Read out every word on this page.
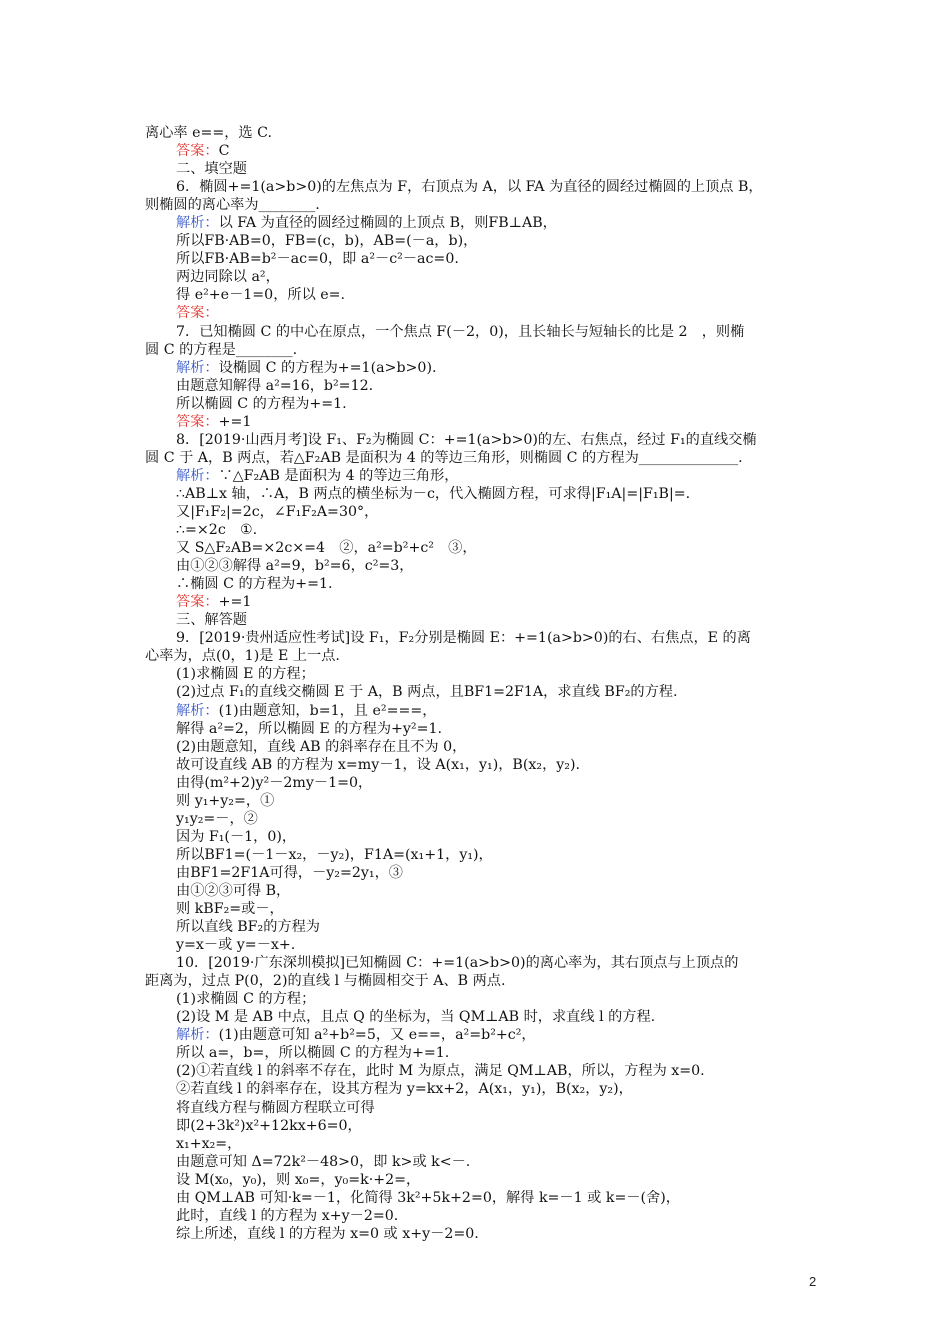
离心率 e==，选 C.
答案：C
二、填空题
6．椭圆+=1(a>b>0)的左焦点为 F，右顶点为 A，以 FA 为直径的圆经过椭圆的上顶点 B，
则椭圆的离心率为________.
解析：以 FA 为直径的圆经过椭圆的上顶点 B，则FB⊥AB，
所以FB·AB=0，FB=(c，b)，AB=(－a，b)，
所以FB·AB=b²－ac=0，即 a²－c²－ac=0.
两边同除以 a²，
得 e²+e－1=0，所以 e=.
答案：
7．已知椭圆 C 的中心在原点，一个焦点 F(－2，0)，且长轴长与短轴长的比是 2　，则椭
圆 C 的方程是________.
解析：设椭圆 C 的方程为+=1(a>b>0).
由题意知解得 a²=16，b²=12.
所以椭圆 C 的方程为+=1.
答案：+=1
8．[2019·山西月考]设 F₁、F₂为椭圆 C：+=1(a>b>0)的左、右焦点，经过 F₁的直线交椭
圆 C 于 A，B 两点，若△F₂AB 是面积为 4 的等边三角形，则椭圆 C 的方程为______________.
解析：∵△F₂AB 是面积为 4 的等边三角形，
∴AB⊥x 轴，∴A，B 两点的横坐标为－c，代入椭圆方程，可求得|F₁A|=|F₁B|=.
又|F₁F₂|=2c，∠F₁F₂A=30°，
∴=×2c　①.
又 S△F₂AB=×2c×=4　②，a²=b²+c²　③，
由①②③解得 a²=9，b²=6，c²=3，
∴椭圆 C 的方程为+=1.
答案：+=1
三、解答题
9．[2019·贵州适应性考试]设 F₁，F₂分别是椭圆 E：+=1(a>b>0)的右、右焦点，E 的离
心率为，点(0，1)是 E 上一点.
(1)求椭圆 E 的方程；
(2)过点 F₁的直线交椭圆 E 于 A，B 两点，且BF1=2F1A，求直线 BF₂的方程.
解析：(1)由题意知，b=1，且 e²===，
解得 a²=2，所以椭圆 E 的方程为+y²=1.
(2)由题意知，直线 AB 的斜率存在且不为 0，
故可设直线 AB 的方程为 x=my－1，设 A(x₁，y₁)，B(x₂，y₂).
由得(m²+2)y²－2my－1=0，
则 y₁+y₂=，①
y₁y₂=－，②
因为 F₁(－1，0)，
所以BF1=(－1－x₂，－y₂)，F1A=(x₁+1，y₁)，
由BF1=2F1A可得，－y₂=2y₁，③
由①②③可得 B，
则 kBF₂=或－，
所以直线 BF₂的方程为
y=x－或 y=－x+.
10．[2019·广东深圳模拟]已知椭圆 C：+=1(a>b>0)的离心率为，其右顶点与上顶点的
距离为，过点 P(0，2)的直线 l 与椭圆相交于 A、B 两点.
(1)求椭圆 C 的方程；
(2)设 M 是 AB 中点，且点 Q 的坐标为，当 QM⊥AB 时，求直线 l 的方程.
解析：(1)由题意可知 a²+b²=5，又 e==，a²=b²+c²，
所以 a=，b=，所以椭圆 C 的方程为+=1.
(2)①若直线 l 的斜率不存在，此时 M 为原点，满足 QM⊥AB，所以，方程为 x=0.
②若直线 l 的斜率存在，设其方程为 y=kx+2，A(x₁，y₁)，B(x₂，y₂)，
将直线方程与椭圆方程联立可得
即(2+3k²)x²+12kx+6=0，
x₁+x₂=，
由题意可知 Δ=72k²－48>0，即 k>或 k<－.
设 M(x₀，y₀)，则 x₀=，y₀=k·+2=，
由 QM⊥AB 可知·k=－1，化简得 3k²+5k+2=0，解得 k=－1 或 k=－(舍)，
此时，直线 l 的方程为 x+y－2=0.
综上所述，直线 l 的方程为 x=0 或 x+y－2=0.
2
